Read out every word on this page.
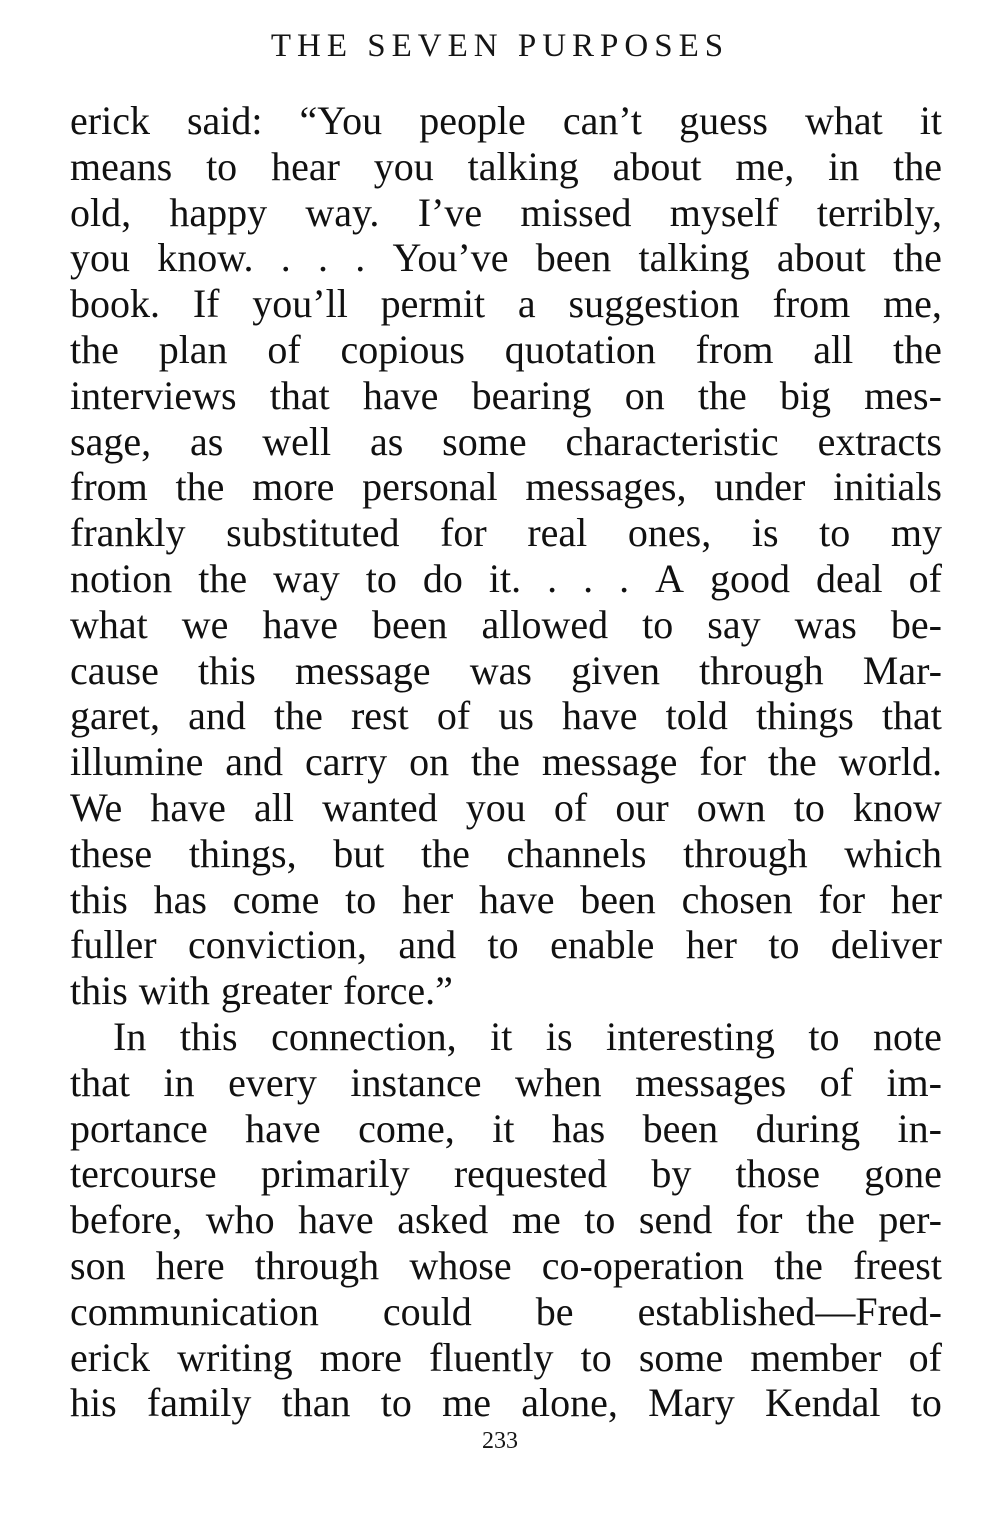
THE SEVEN PURPOSES
erick said: “You people can’t guess what it
means to hear you talking about me, in the
old, happy way. I’ve missed myself terribly,
you know. . . . You’ve been talking about the
book. If you’ll permit a suggestion from me,
the plan of copious quotation from all the
interviews that have bearing on the big mes-
sage, as well as some characteristic extracts
from the more personal messages, under initials
frankly substituted for real ones, is to my
notion the way to do it. . . . A good deal of
what we have been allowed to say was be-
cause this message was given through Mar-
garet, and the rest of us have told things that
illumine and carry on the message for the world.
We have all wanted you of our own to know
these things, but the channels through which
this has come to her have been chosen for her
fuller conviction, and to enable her to deliver
this with greater force.”
In this connection, it is interesting to note
that in every instance when messages of im-
portance have come, it has been during in-
tercourse primarily requested by those gone
before, who have asked me to send for the per-
son here through whose co-operation the freest
communication could be established—Fred-
erick writing more fluently to some member of
his family than to me alone, Mary Kendal to
233
